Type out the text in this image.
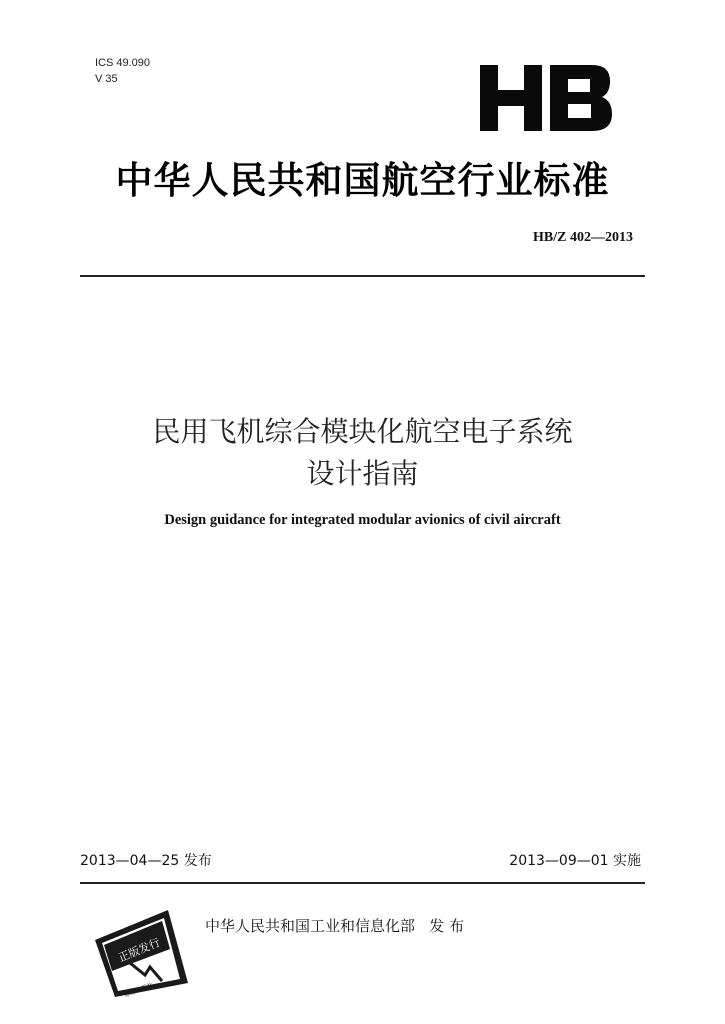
ICS 49.090
V 35
中华人民共和国航空行业标准
HB/Z 402—2013
民用飞机综合模块化航空电子系统
设计指南
Design guidance for integrated modular avionics of civil aircraft
2013—04—25 发布	2013—09—01 实施
正版发行
标准出版社
中华人民共和国工业和信息化部   发 布
